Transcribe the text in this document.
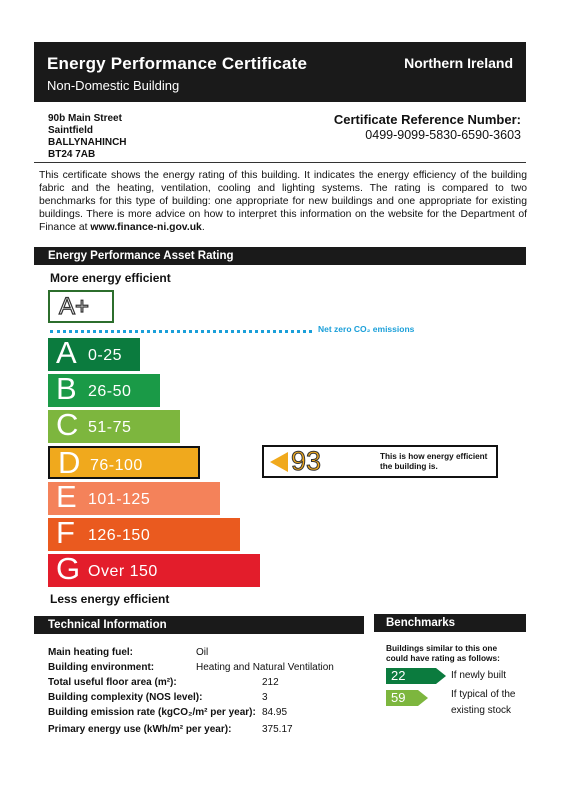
Energy Performance Certificate
Non-Domestic Building
Northern Ireland
90b Main Street
Saintfield
BALLYNAHINCH
BT24 7AB
Certificate Reference Number:
0499-9099-5830-6590-3603
This certificate shows the energy rating of this building. It indicates the energy efficiency of the building fabric and the heating, ventilation, cooling and lighting systems. The rating is compared to two benchmarks for this type of building: one appropriate for new buildings and one appropriate for existing buildings. There is more advice on how to interpret this information on the website for the Department of Finance at www.finance-ni.gov.uk.
Energy Performance Asset Rating
More energy efficient
A+
Net zero CO₂ emissions
A 0-25
B 26-50
C 51-75
D 76-100
E 101-125
F 126-150
G Over 150
93	This is how energy efficient the building is.
Less energy efficient
Technical Information
Main heating fuel:	Oil
Building environment:	Heating and Natural Ventilation
Total useful floor area (m²):	212
Building complexity (NOS level):	3
Building emission rate (kgCO₂/m² per year): 84.95
Primary energy use (kWh/m² per year):	375.17
Benchmarks
Buildings similar to this one could have rating as follows:
22	If newly built
59	If typical of the existing stock
